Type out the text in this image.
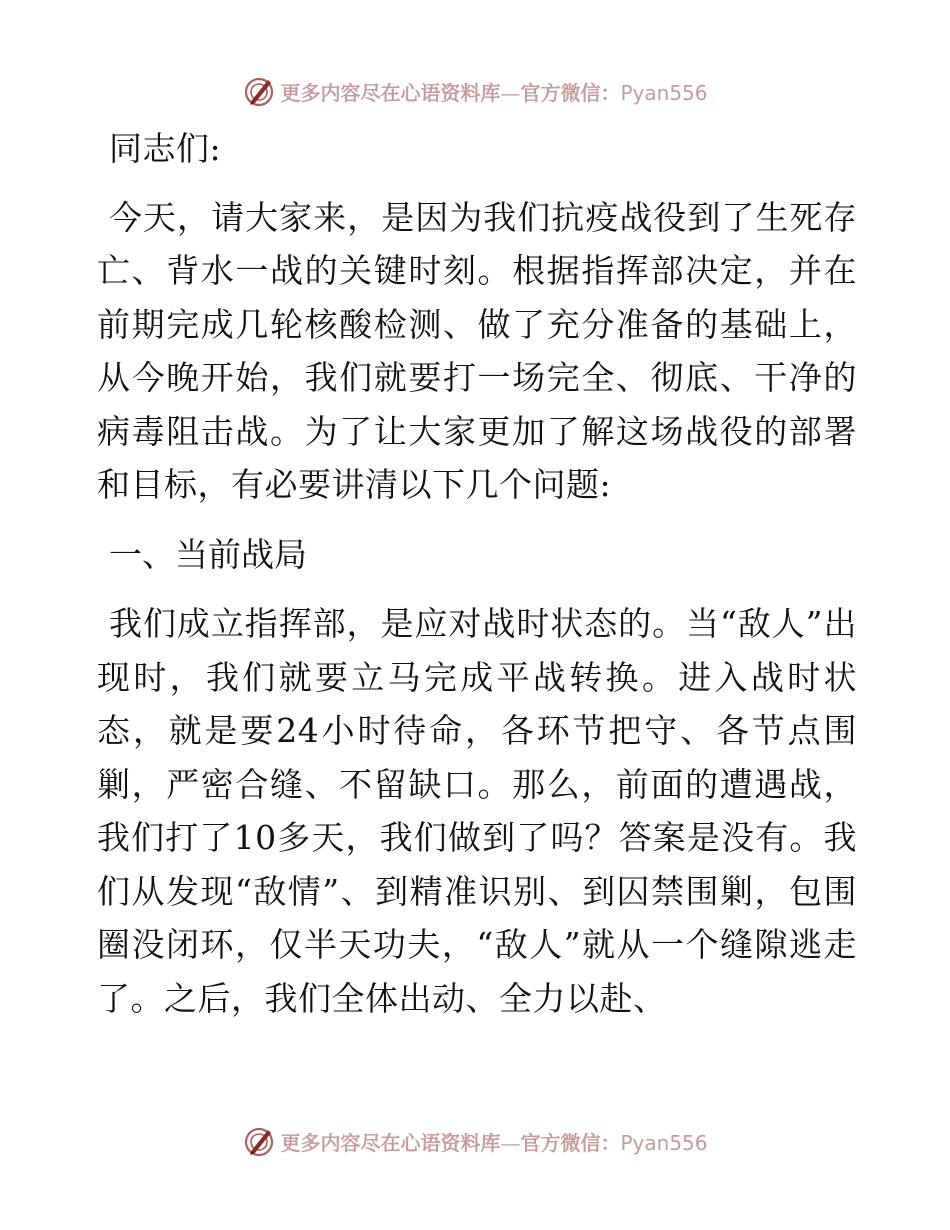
更多内容尽在心语资料库—官方微信：Pyan556

同志们:

今天，请大家来，是因为我们抗疫战役到了生死存亡、背水一战的关键时刻。根据指挥部决定，并在前期完成几轮核酸检测、做了充分准备的基础上，从今晚开始，我们就要打一场完全、彻底、干净的病毒阻击战。为了让大家更加了解这场战役的部署和目标，有必要讲清以下几个问题:

一、当前战局

我们成立指挥部，是应对战时状态的。当“敌人”出现时，我们就要立马完成平战转换。进入战时状态，就是要24小时待命，各环节把守、各节点围剿，严密合缝、不留缺口。那么，前面的遭遇战，我们打了10多天，我们做到了吗？答案是没有。我们从发现“敌情”、到精准识别、到囚禁围剿，包围圈没闭环，仅半天功夫，“敌人”就从一个缝隙逃走了。之后，我们全体出动、全力以赴、

更多内容尽在心语资料库—官方微信：Pyan556
